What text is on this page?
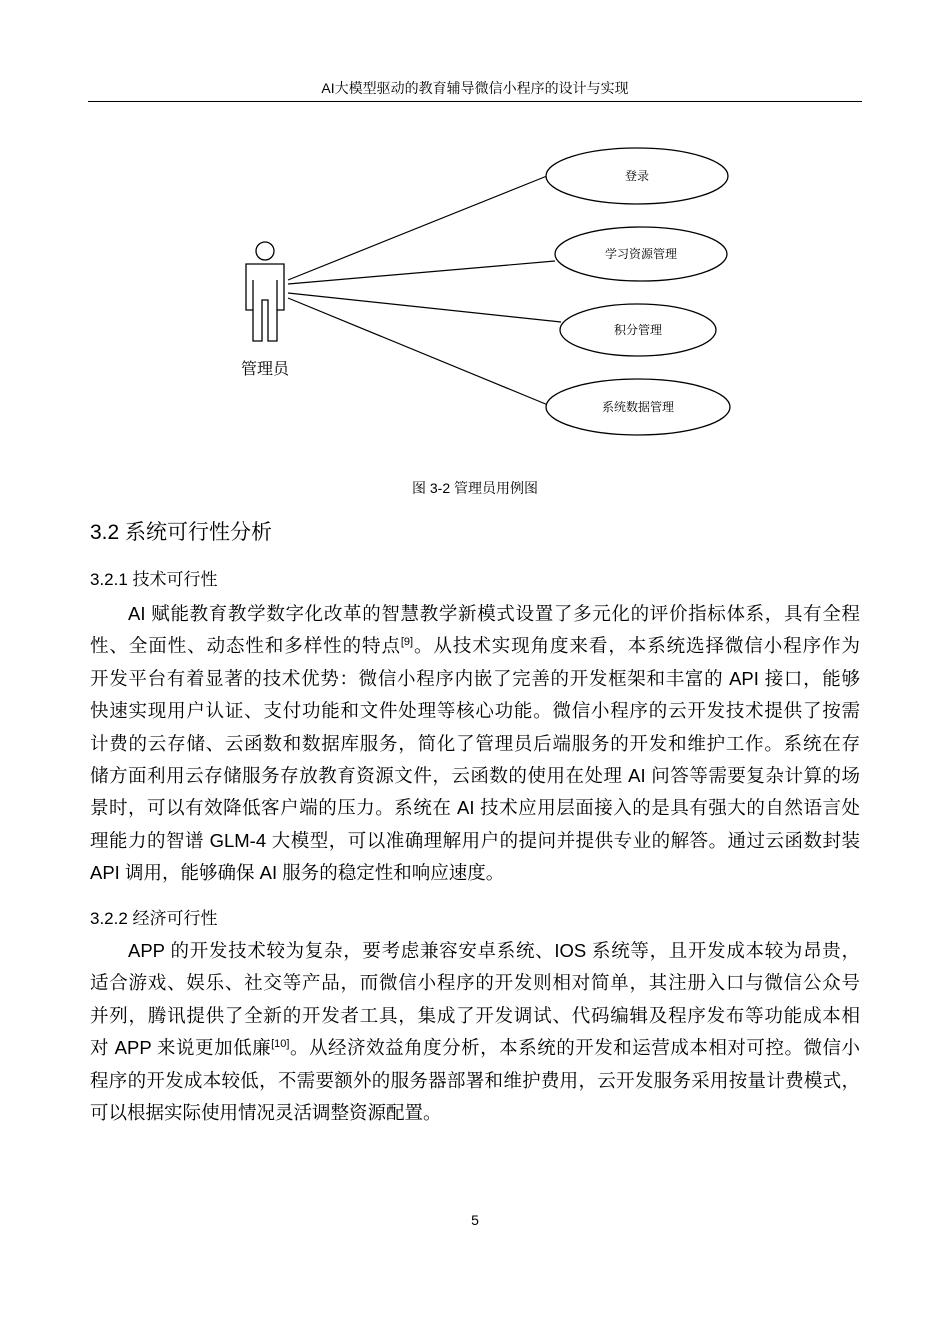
AI大模型驱动的教育辅导微信小程序的设计与实现
登录
学习资源管理
积分管理
系统数据管理
管理员
图 3-2 管理员用例图
3.2 系统可行性分析
3.2.1 技术可行性
AI 赋能教育教学数字化改革的智慧教学新模式设置了多元化的评价指标体系，具有全程
性、全面性、动态性和多样性的特点[9]。从技术实现角度来看，本系统选择微信小程序作为
开发平台有着显著的技术优势：微信小程序内嵌了完善的开发框架和丰富的 API 接口，能够
快速实现用户认证、支付功能和文件处理等核心功能。微信小程序的云开发技术提供了按需
计费的云存储、云函数和数据库服务，简化了管理员后端服务的开发和维护工作。系统在存
储方面利用云存储服务存放教育资源文件，云函数的使用在处理 AI 问答等需要复杂计算的场
景时，可以有效降低客户端的压力。系统在 AI 技术应用层面接入的是具有强大的自然语言处
理能力的智谱 GLM-4 大模型，可以准确理解用户的提问并提供专业的解答。通过云函数封装
API 调用，能够确保 AI 服务的稳定性和响应速度。
3.2.2 经济可行性
APP 的开发技术较为复杂，要考虑兼容安卓系统、IOS 系统等，且开发成本较为昂贵，
适合游戏、娱乐、社交等产品，而微信小程序的开发则相对简单，其注册入口与微信公众号
并列，腾讯提供了全新的开发者工具，集成了开发调试、代码编辑及程序发布等功能成本相
对 APP 来说更加低廉[10]。从经济效益角度分析，本系统的开发和运营成本相对可控。微信小
程序的开发成本较低，不需要额外的服务器部署和维护费用，云开发服务采用按量计费模式，
可以根据实际使用情况灵活调整资源配置。
5
